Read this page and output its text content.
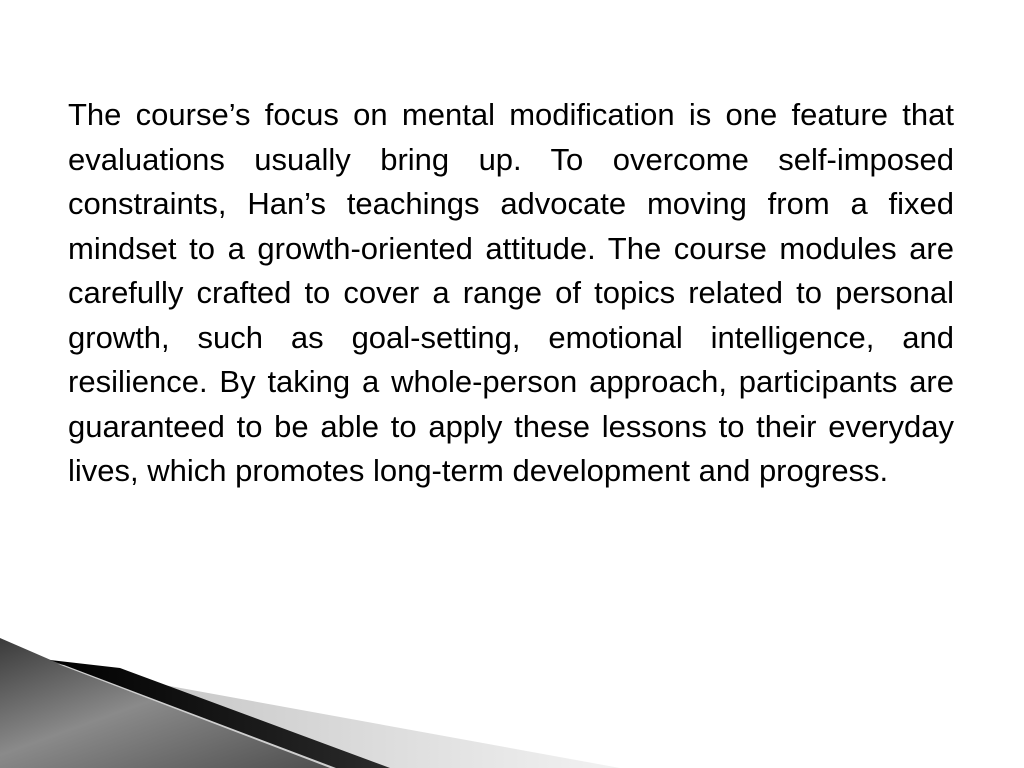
The course’s focus on mental modification is one feature that evaluations usually bring up. To overcome self-imposed constraints, Han’s teachings advocate moving from a fixed mindset to a growth-oriented attitude. The course modules are carefully crafted to cover a range of topics related to personal growth, such as goal-setting, emotional intelligence, and resilience. By taking a whole-person approach, participants are guaranteed to be able to apply these lessons to their everyday lives, which promotes long-term development and progress.
